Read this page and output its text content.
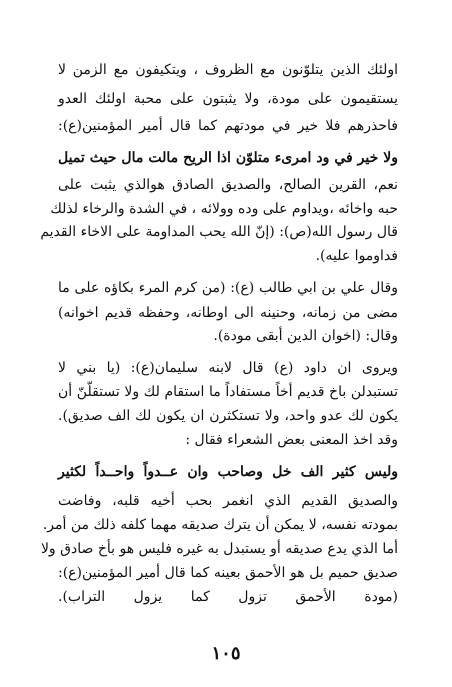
اولئك الذين يتلوّنون مع الظروف ، ويتكيفون مع الزمن لا
يستقيمون على مودة، ولا يثبتون على محبة اولئك العدو
فاحذرهم فلا خير في مودتهم كما قال أمير المؤمنين(ع):
ولا خير في ود امرىء متلوّن اذا الريح مالت مال حيث تميل
نعم، القرين الصالح، والصديق الصادق هوالذي يثبت على
حبه واخائه ،ويداوم على وده وولائه ، في الشدة والرخاء لذلك
قال رسول الله(ص): (إنّ الله يحب المداومة على الاخاء القديم
فداوموا عليه).
وقال علي بن ابي طالب (ع): (من كرم المرء بكاؤه على ما
مضى من زمانه، وحنينه الى اوطانه، وحفظه قديم اخوانه)
وقال: (اخوان الدين أبقى مودة).
ويروى ان داود (ع) قال لابنه سليمان(ع): (يا بني لا
تستبدلن باخ قديم أخاً مستفاداً ما استقام لك ولا تستقلّنّ أن
يكون لك عدو واحد، ولا تستكثرن ان يكون لك الف صديق).
وقد اخذ المعنى بعض الشعراء فقال :
وليس كثير الف خل وصاحب وان عــدواً واحــداً لكثير
والصديق القديم الذي انغمر بحب أخيه قلبه، وفاضت
بمودته نفسه، لا يمكن أن يترك صديقه مهما كلفه ذلك من أمر.
أما الذي يدع صديقه أو يستبدل به غيره فليس هو بأخ صادق ولا
صديق حميم بل هو الأحمق بعينه كما قال أمير المؤمنين(ع):
(مودة الأحمق تزول كما يزول التراب).
١٠٥
